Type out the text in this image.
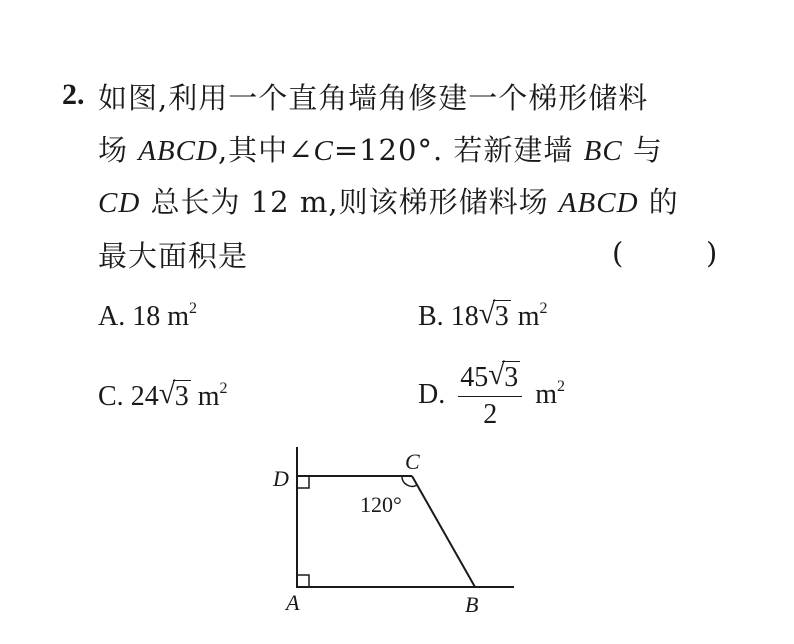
2. 如图,利用一个直角墙角修建一个梯形储料
场 ABCD,其中∠C=120°. 若新建墙 BC 与
CD 总长为 12 m,则该梯形储料场 ABCD 的
最大面积是	(	)
A. 18 $m^2$	B. 18 √ 3 $m^2$
C. 24 √ 3 $m^2$	D. $\frac{45 √ 3}{2} m^2$
D
C
A	B
120°
